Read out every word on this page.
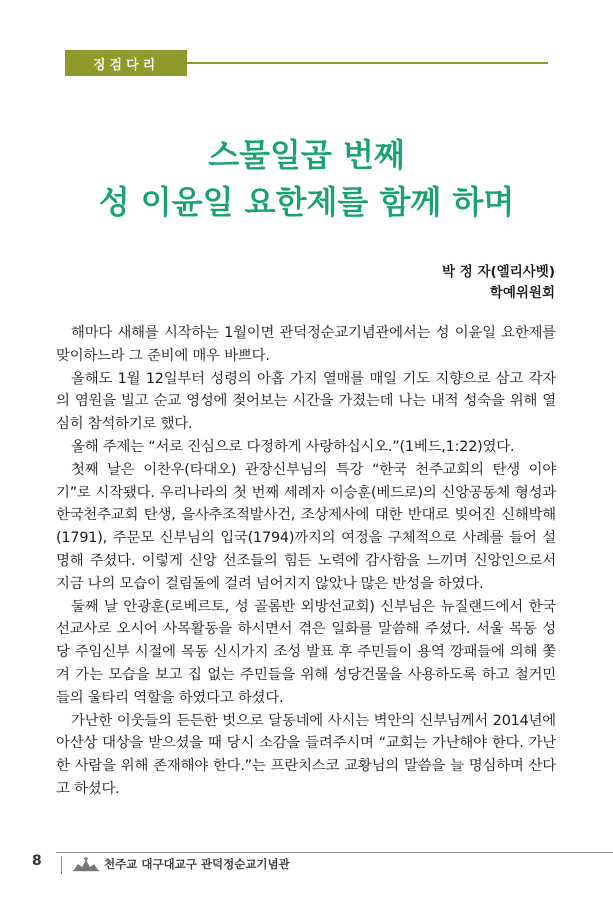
징검다리
스물일곱 번째
성 이윤일 요한제를 함께 하며
박 정 자(엘리사벳)
학예위원회

해마다 새해를 시작하는 1월이면 관덕정순교기념관에서는 성 이윤일 요한제를 맞이하느라 그 준비에 매우 바쁘다.

올해도 1월 12일부터 성령의 아홉 가지 열매를 매일 기도 지향으로 삼고 각자의 염원을 빌고 순교 영성에 젖어보는 시간을 가졌는데 나는 내적 성숙을 위해 열심히 참석하기로 했다.

올해 주제는 “서로 진심으로 다정하게 사랑하십시오.”(1베드,1:22)였다.

첫째 날은 이찬우(타대오) 관장신부님의 특강 “한국 천주교회의 탄생 이야기”로 시작됐다. 우리나라의 첫 번째 세례자 이승훈(베드로)의 신앙공동체 형성과 한국천주교회 탄생, 을사추조적발사건, 조상제사에 대한 반대로 빚어진 신해박해(1791), 주문모 신부님의 입국(1794)까지의 여정을 구체적으로 사례를 들어 설명해 주셨다. 이렇게 신앙 선조들의 힘든 노력에 감사함을 느끼며 신앙인으로서 지금 나의 모습이 걸림돌에 걸려 넘어지지 않았나 많은 반성을 하였다.

둘째 날 안광훈(로베르토, 성 골롬반 외방선교회) 신부님은 뉴질랜드에서 한국 선교사로 오시어 사목활동을 하시면서 겪은 일화를 말씀해 주셨다. 서울 목동 성당 주임신부 시절에 목동 신시가지 조성 발표 후 주민들이 용역 깡패들에 의해 쫓겨 가는 모습을 보고 집 없는 주민들을 위해 성당건물을 사용하도록 하고 철거민들의 울타리 역할을 하였다고 하셨다.

가난한 이웃들의 든든한 벗으로 달동네에 사시는 벽안의 신부님께서 2014년에 아산상 대상을 받으셨을 때 당시 소감을 들려주시며 “교회는 가난해야 한다. 가난한 사람을 위해 존재해야 한다.”는 프란치스코 교황님의 말씀을 늘 명심하며 산다고 하셨다.

8	천주교 대구대교구 관덕정순교기념관
